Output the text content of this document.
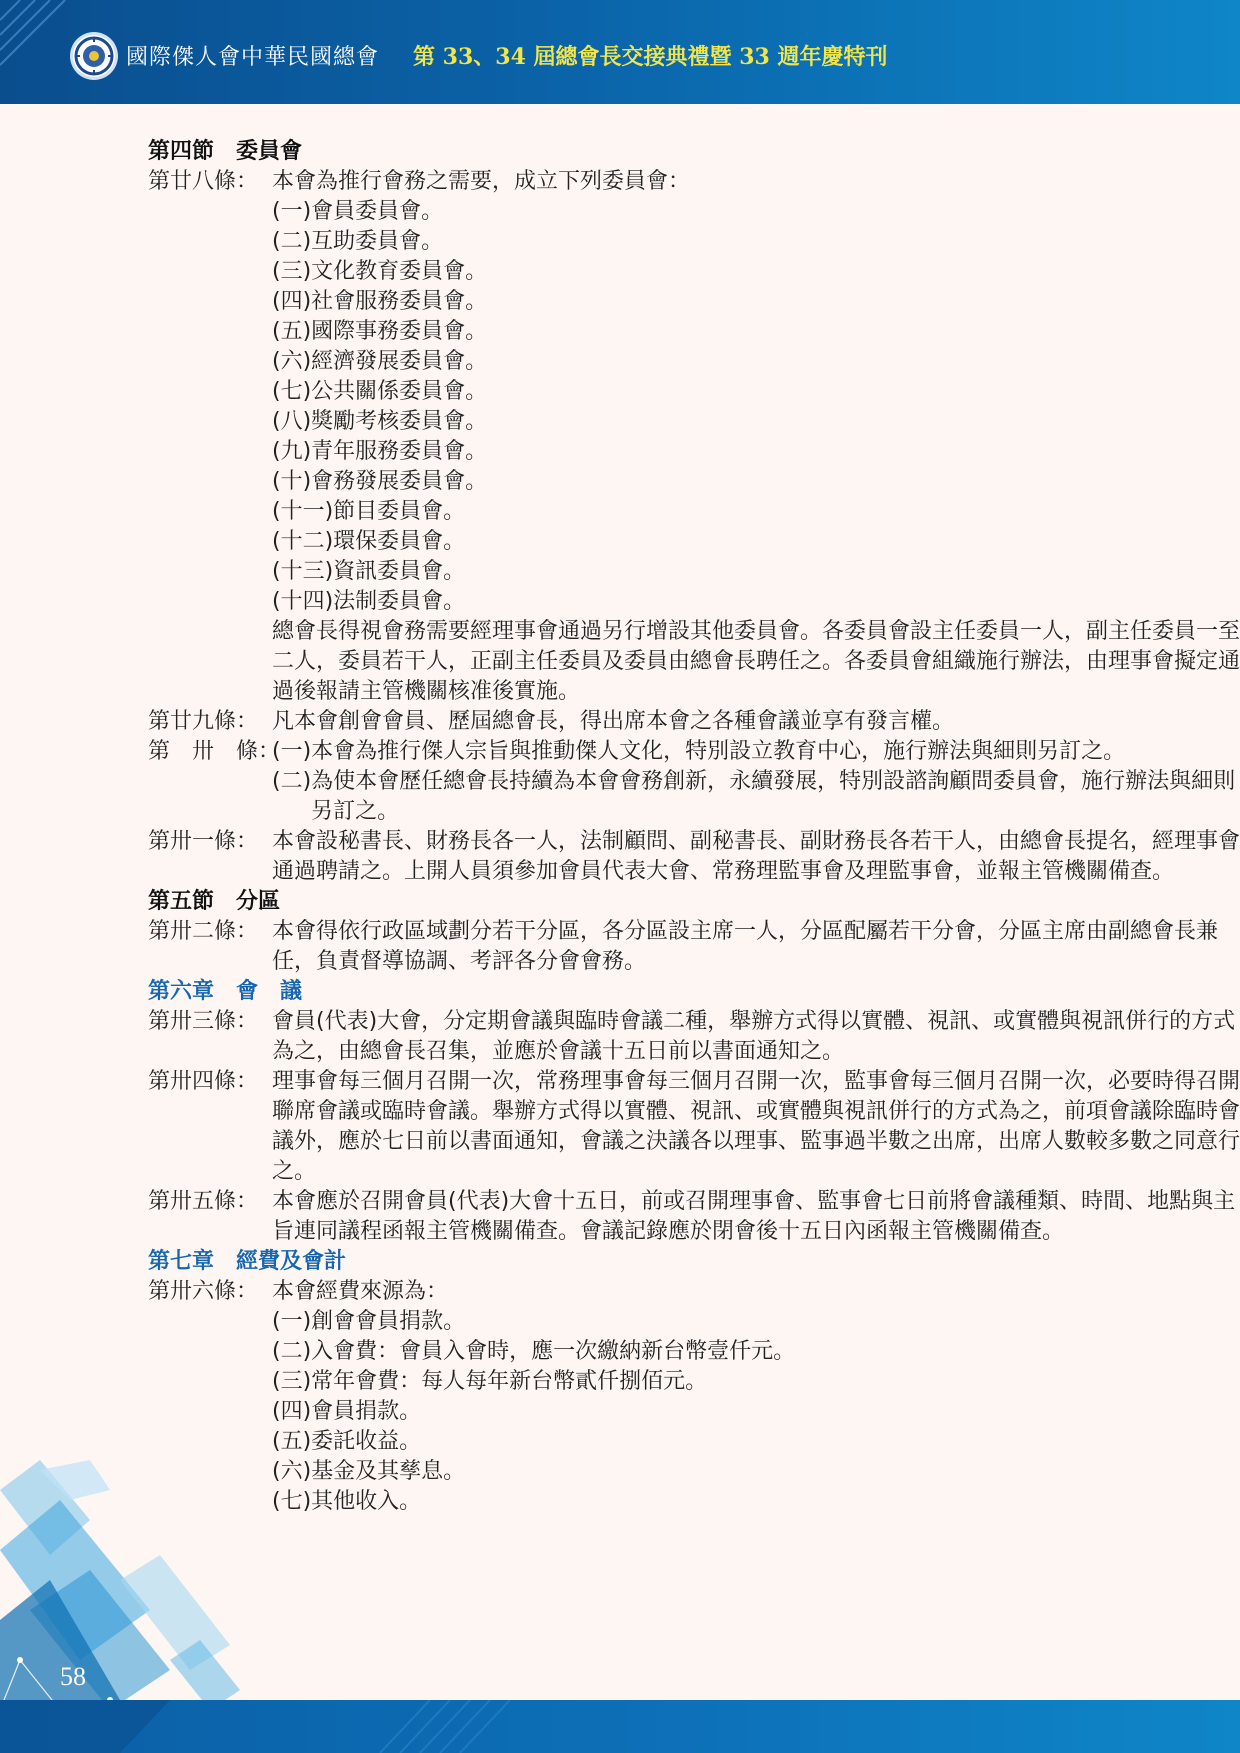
國際傑人會中華民國總會 第 33、34 屆總會長交接典禮暨 33 週年慶特刊
第四節　委員會
第廿八條： 本會為推行會務之需要，成立下列委員會：
(一) 會員委員會。
(二) 互助委員會。
(三) 文化教育委員會。
(四) 社會服務委員會。
(五) 國際事務委員會。
(六) 經濟發展委員會。
(七) 公共關係委員會。
(八) 獎勵考核委員會。
(九) 青年服務委員會。
(十) 會務發展委員會。
(十一) 節目委員會。
(十二) 環保委員會。
(十三) 資訊委員會。
(十四) 法制委員會。
總會長得視會務需要經理事會通過另行增設其他委員會。各委員會設主任委員一人，副主任委員一至二人，委員若干人，正副主任委員及委員由總會長聘任之。各委員會組織施行辦法，由理事會擬定通過後報請主管機關核准後實施。
第廿九條： 凡本會創會會員、歷屆總會長，得出席本會之各種會議並享有發言權。
第　卅　條：
(一) 本會為推行傑人宗旨與推動傑人文化，特別設立教育中心，施行辦法與細則另訂之。
(二) 為使本會歷任總會長持續為本會會務創新，永續發展，特別設諮詢顧問委員會，施行辦法與細則另訂之。
第卅一條： 本會設秘書長、財務長各一人，法制顧問、副秘書長、副財務長各若干人，由總會長提名，經理事會通過聘請之。上開人員須參加會員代表大會、常務理監事會及理監事會，並報主管機關備查。
第五節　分區
第卅二條： 本會得依行政區域劃分若干分區，各分區設主席一人，分區配屬若干分會，分區主席由副總會長兼任，負責督導協調、考評各分會會務。
第六章　會　議
第卅三條： 會員(代表)大會，分定期會議與臨時會議二種，舉辦方式得以實體、視訊、或實體與視訊併行的方式為之，由總會長召集，並應於會議十五日前以書面通知之。
第卅四條： 理事會每三個月召開一次，常務理事會每三個月召開一次，監事會每三個月召開一次，必要時得召開聯席會議或臨時會議。舉辦方式得以實體、視訊、或實體與視訊併行的方式為之，前項會議除臨時會議外，應於七日前以書面通知，會議之決議各以理事、監事過半數之出席，出席人數較多數之同意行之。
第卅五條： 本會應於召開會員(代表)大會十五日，前或召開理事會、監事會七日前將會議種類、時間、地點與主旨連同議程函報主管機關備查。會議記錄應於閉會後十五日內函報主管機關備查。
第七章　經費及會計
第卅六條： 本會經費來源為：
(一) 創會會員捐款。
(二) 入會費：會員入會時，應一次繳納新台幣壹仟元。
(三) 常年會費：每人每年新台幣貳仟捌佰元。
(四) 會員捐款。
(五) 委託收益。
(六) 基金及其孳息。
(七) 其他收入。
58
